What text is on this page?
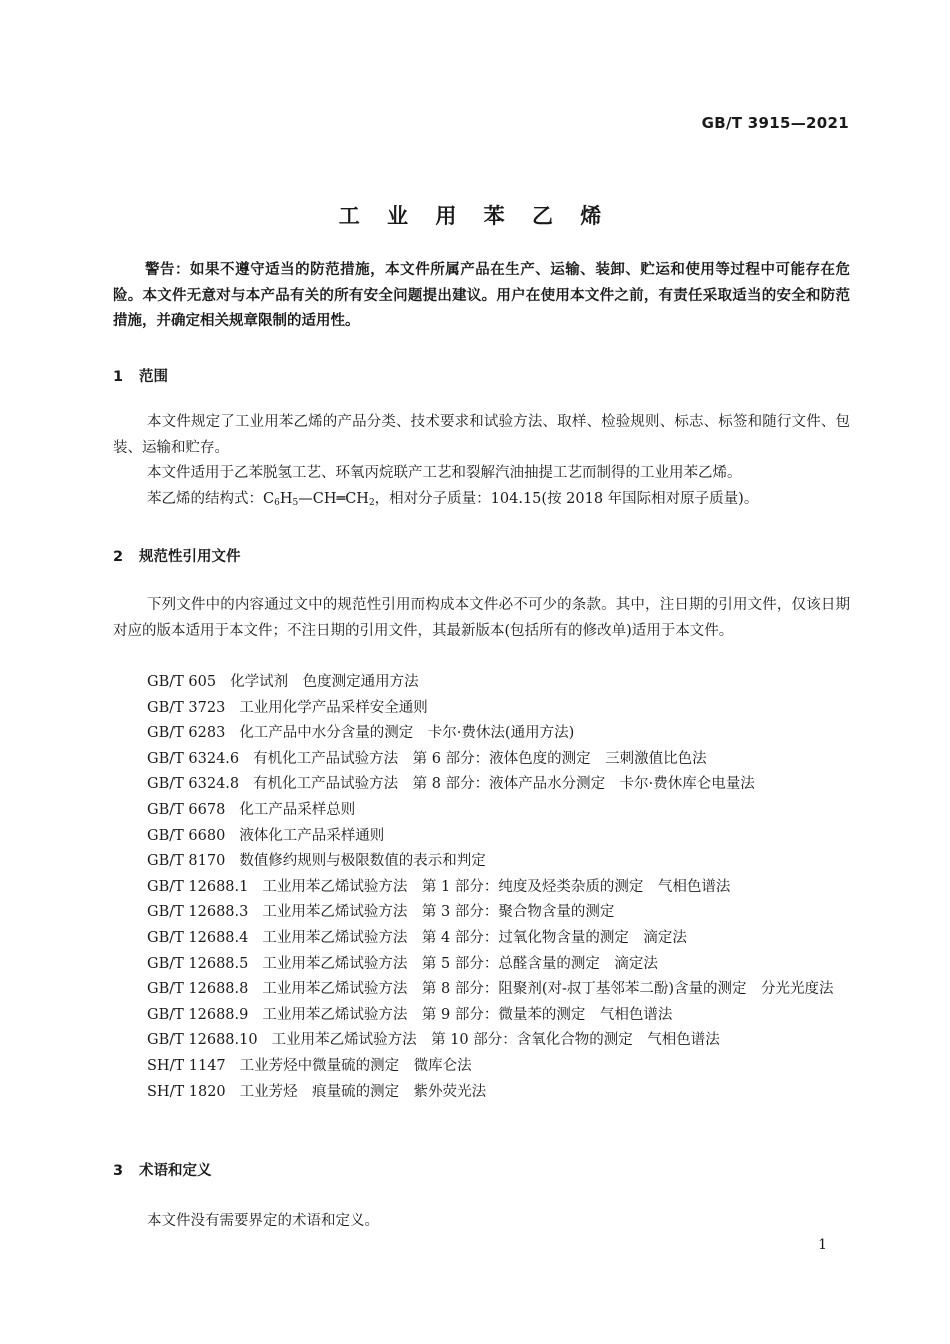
GB/T 3915—2021
工 业 用 苯 乙 烯

警告：如果不遵守适当的防范措施，本文件所属产品在生产、运输、装卸、贮运和使用等过程中可能存在危险。本文件无意对与本产品有关的所有安全问题提出建议。用户在使用本文件之前，有责任采取适当的安全和防范措施，并确定相关规章限制的适用性。

1 范围

本文件规定了工业用苯乙烯的产品分类、技术要求和试验方法、取样、检验规则、标志、标签和随行文件、包装、运输和贮存。

本文件适用于乙苯脱氢工艺、环氧丙烷联产工艺和裂解汽油抽提工艺而制得的工业用苯乙烯。

苯乙烯的结构式：$C_6H_5—CH═CH_2$，相对分子质量：104.15(按 2018 年国际相对原子质量)。

2 规范性引用文件

下列文件中的内容通过文中的规范性引用而构成本文件必不可少的条款。其中，注日期的引用文件，仅该日期对应的版本适用于本文件；不注日期的引用文件，其最新版本(包括所有的修改单)适用于本文件。

GB/T 605 化学试剂　色度测定通用方法
GB/T 3723 工业用化学产品采样安全通则
GB/T 6283 化工产品中水分含量的测定　卡尔·费休法(通用方法)
GB/T 6324.6 有机化工产品试验方法　第 6 部分：液体色度的测定　三刺激值比色法
GB/T 6324.8 有机化工产品试验方法　第 8 部分：液体产品水分测定　卡尔·费休库仑电量法
GB/T 6678 化工产品采样总则
GB/T 6680 液体化工产品采样通则
GB/T 8170 数值修约规则与极限数值的表示和判定
GB/T 12688.1 工业用苯乙烯试验方法　第 1 部分：纯度及烃类杂质的测定　气相色谱法
GB/T 12688.3 工业用苯乙烯试验方法　第 3 部分：聚合物含量的测定
GB/T 12688.4 工业用苯乙烯试验方法　第 4 部分：过氧化物含量的测定　滴定法
GB/T 12688.5 工业用苯乙烯试验方法　第 5 部分：总醛含量的测定　滴定法
GB/T 12688.8 工业用苯乙烯试验方法　第 8 部分：阻聚剂(对-叔丁基邻苯二酚)含量的测定　分光光度法
GB/T 12688.9 工业用苯乙烯试验方法　第 9 部分：微量苯的测定　气相色谱法
GB/T 12688.10 工业用苯乙烯试验方法　第 10 部分：含氧化合物的测定　气相色谱法
SH/T 1147 工业芳烃中微量硫的测定　微库仑法
SH/T 1820 工业芳烃　痕量硫的测定　紫外荧光法
3 术语和定义

本文件没有需要界定的术语和定义。

1
